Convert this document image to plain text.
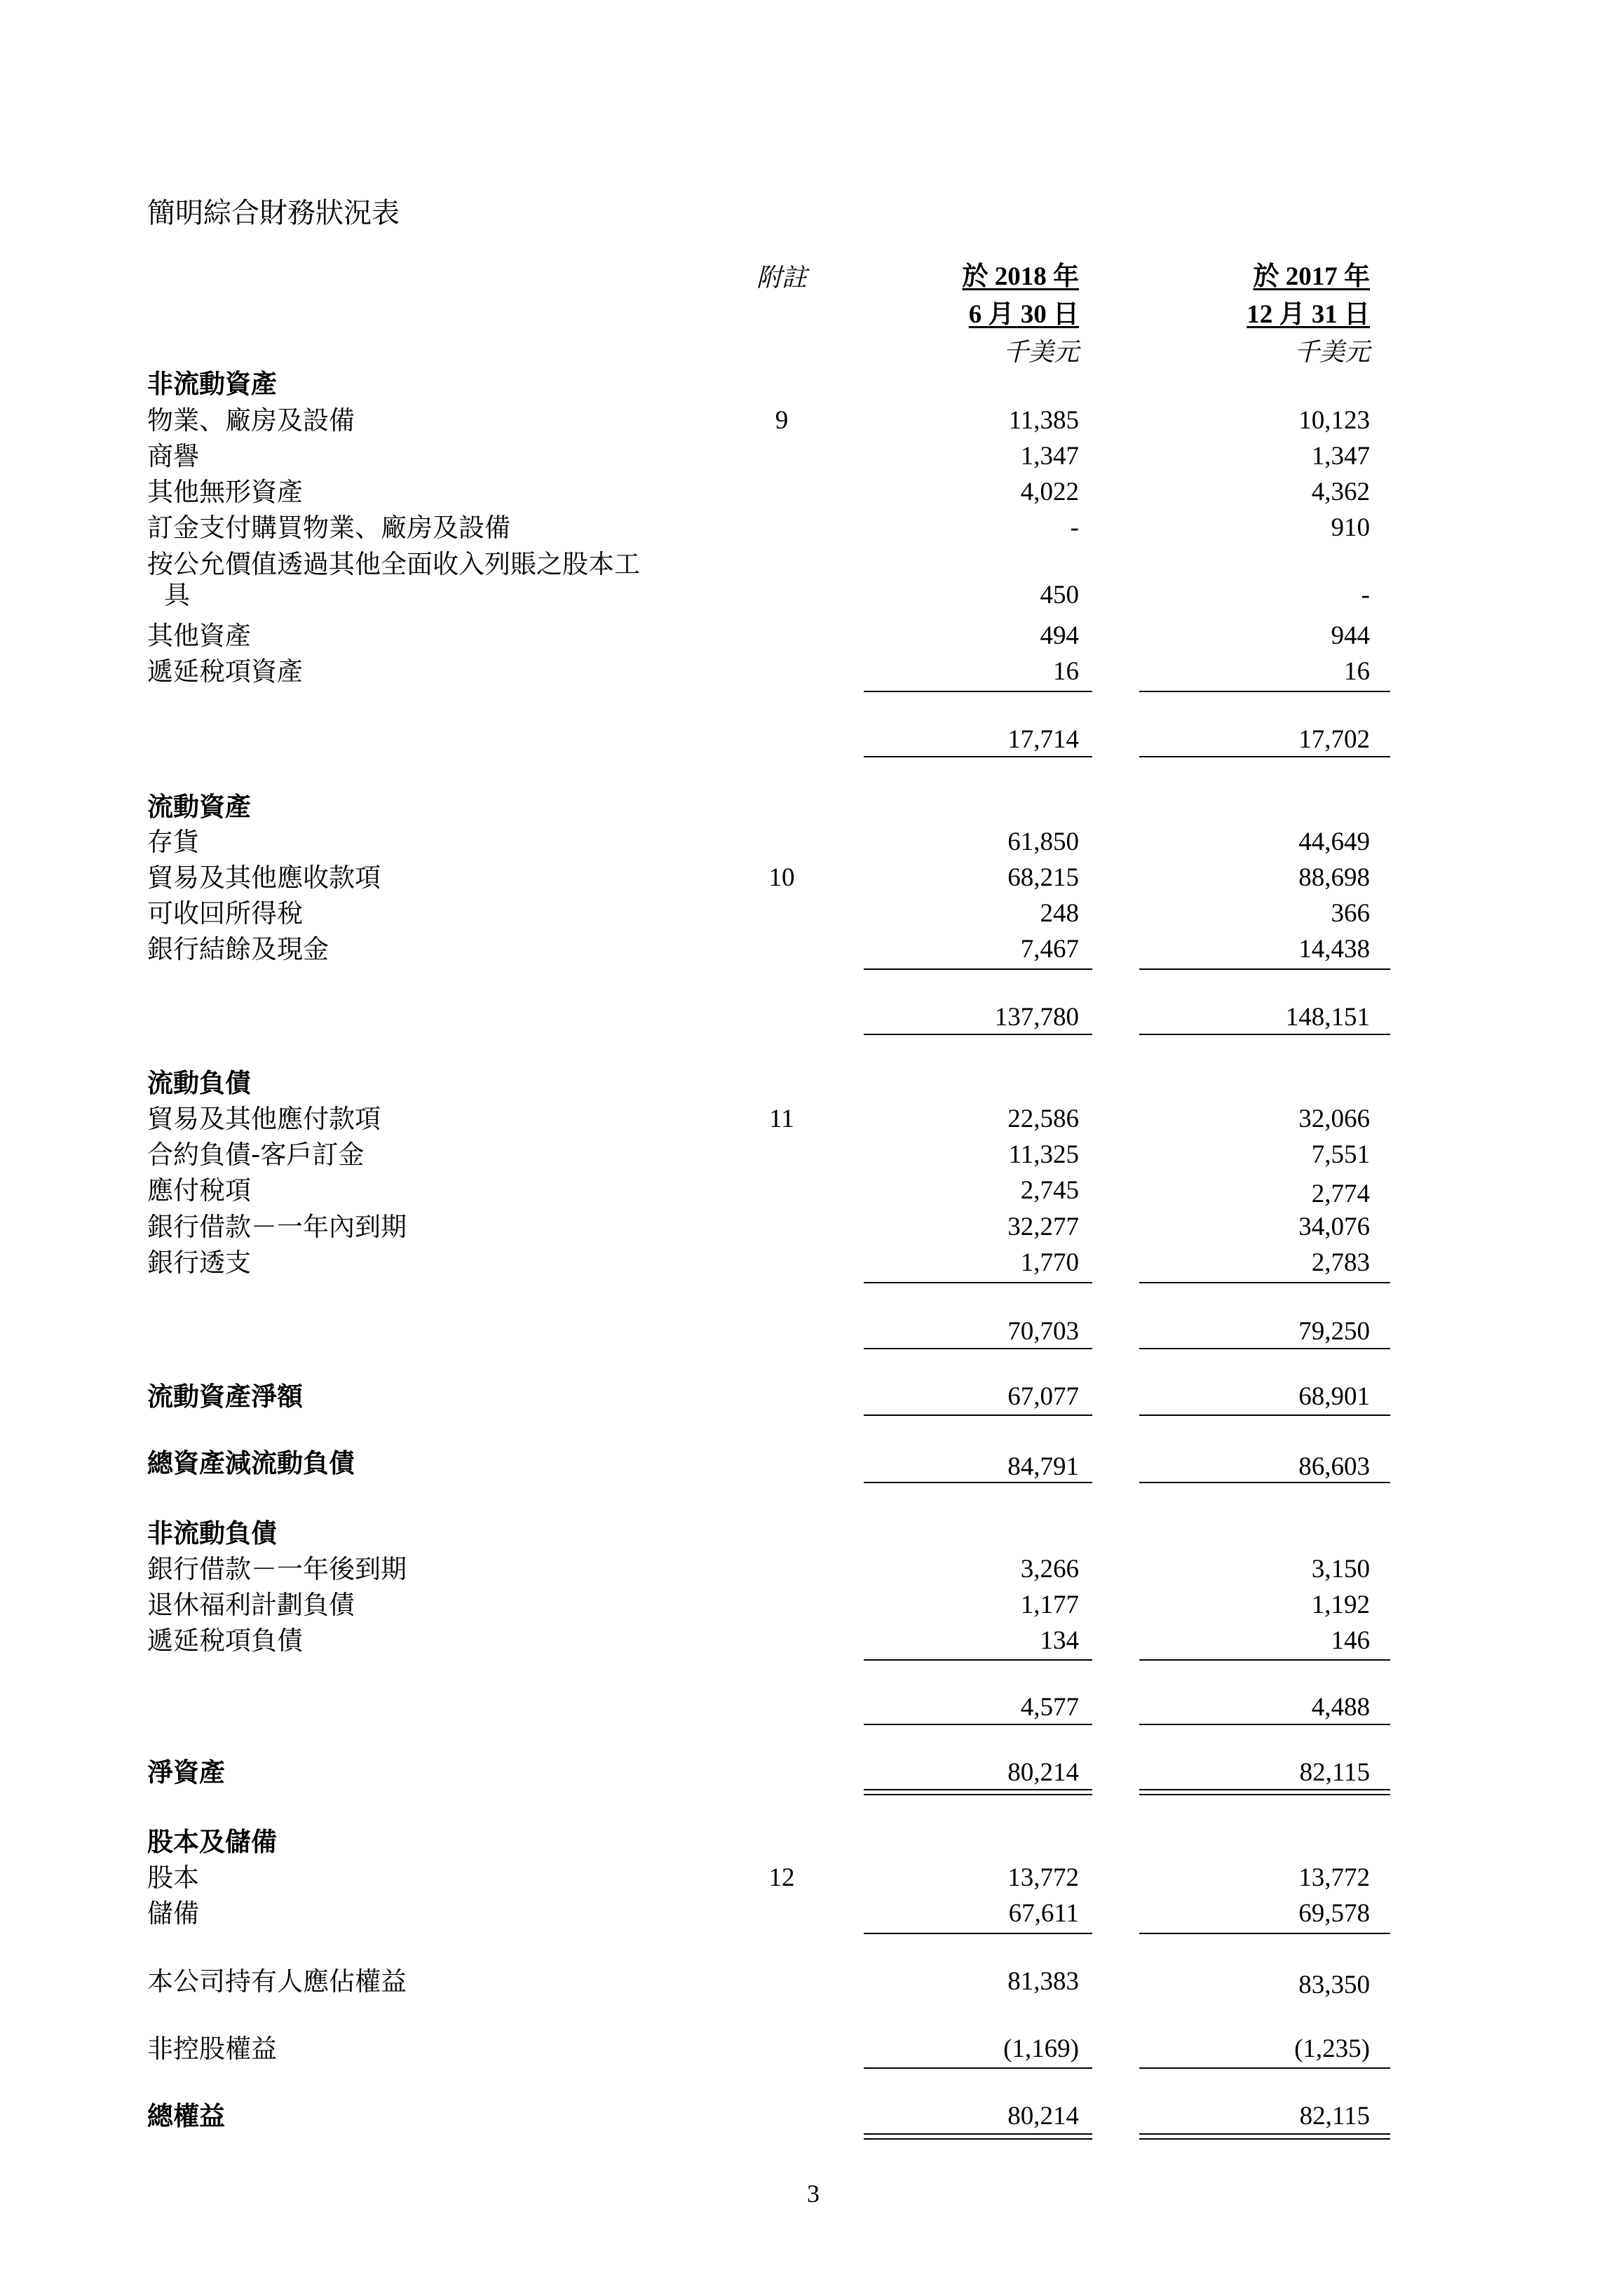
簡明綜合財務狀況表
附註	於 2018 年
6 月 30 日
千美元
於 2017 年
12 月 31 日
千美元
非流動資產
物業、廠房及設備	9	11,385	10,123
商譽	1,347	1,347
其他無形資產	4,022	4,362
訂金支付購買物業、廠房及設備	-	910
按公允價值透過其他全面收入列賬之股本工
具	450	-
其他資產	494	944
遞延稅項資產	16	16
17,714	17,702
流動資產
存貨	61,850	44,649
貿易及其他應收款項	10	68,215	88,698
可收回所得稅	248	366
銀行結餘及現金	7,467	14,438
137,780	148,151
流動負債
貿易及其他應付款項	11	22,586	32,066
合約負債-客戶訂金	11,325	7,551
應付稅項	2,745	2,774
銀行借款－一年內到期	32,277	34,076
銀行透支	1,770	2,783
70,703	79,250
流動資產淨額	67,077	68,901
總資產減流動負債	84,791	86,603
非流動負債
銀行借款－一年後到期	3,266	3,150
退休福利計劃負債	1,177	1,192
遞延稅項負債	134	146
4,577	4,488
淨資產	80,214	82,115
股本及儲備
股本	12	13,772	13,772
儲備	67,611	69,578
本公司持有人應佔權益	81,383	83,350
非控股權益	(1,169)	(1,235)
總權益	80,214	82,115
3
